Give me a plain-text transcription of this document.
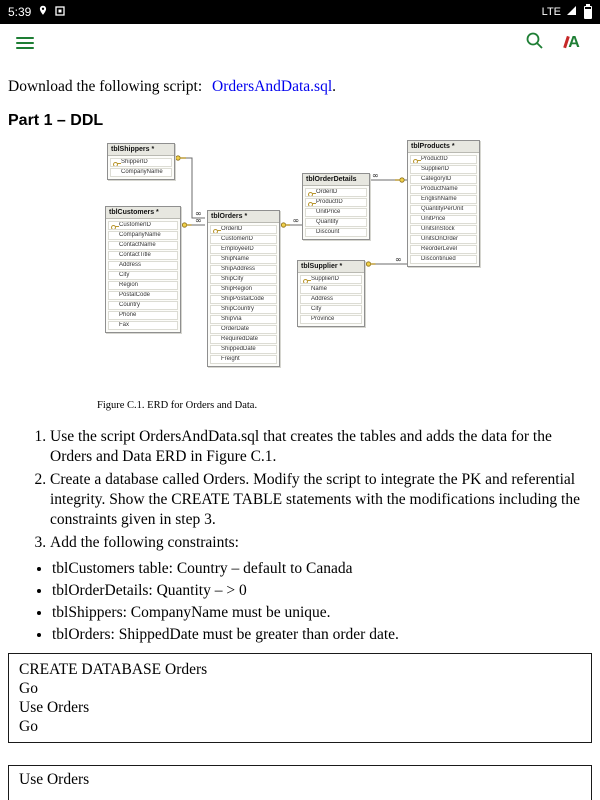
5:39	LTE
A

Download the following script: OrdersAndData.sql.

Part 1 – DDL
∞
∞	∞
∞
∞
tblShippers *
ShipperID
CompanyName
tblCustomers *
CustomerID
CompanyName
ContactName
ContactTitle
Address
City
Region
PostalCode
Country
Phone
Fax
tblOrders *
OrderID
CustomerID
EmployeeID
ShipName
ShipAddress
ShipCity
ShipRegion
ShipPostalCode
ShipCountry
ShipVia
OrderDate
RequiredDate
ShippedDate
Freight
tblOrderDetails
OrderID
ProductID
UnitPrice
Quantity
Discount
tblProducts *
ProductID
SupplierID
CategoryID
ProductName
EnglishName
QuantityPerUnit
UnitPrice
UnitsInStock
UnitsOnOrder
ReorderLevel
Discontinued
tblSupplier *
SupplierID
Name
Address
City
Province
Figure C.1. ERD for Orders and Data.
1. Use the script OrdersAndData.sql that creates the tables and adds the data for the Orders and Data ERD in Figure C.1.
2. Create a database called Orders. Modify the script to integrate the PK and referential integrity. Show the CREATE TABLE statements with the modifications including the constraints given in step 3.
3. Add the following constraints:
• tblCustomers table: Country – default to Canada
• tblOrderDetails: Quantity – > 0
• tblShippers: CompanyName must be unique.
• tblOrders: ShippedDate must be greater than order date.
CREATE DATABASE Orders
Go
Use Orders
Go
Use Orders
